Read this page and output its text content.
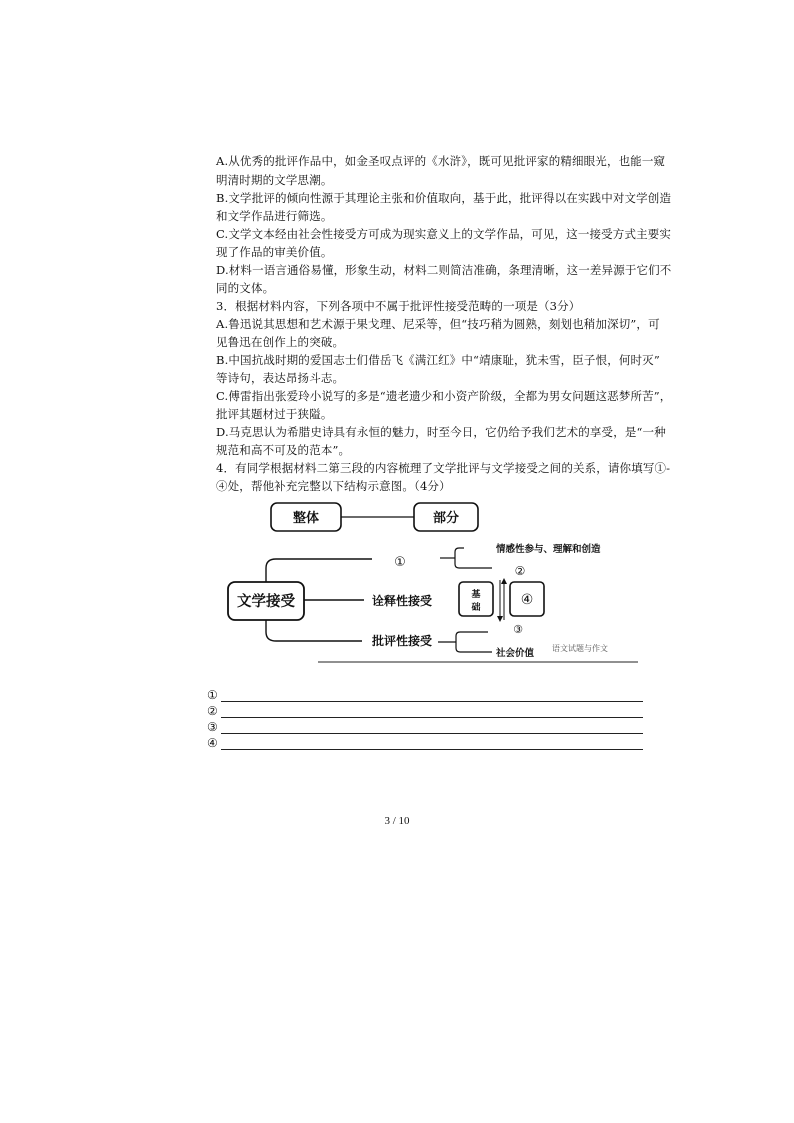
A.从优秀的批评作品中，如金圣叹点评的《水浒》，既可见批评家的精细眼光，也能一窥
明清时期的文学思潮。
B.文学批评的倾向性源于其理论主张和价值取向，基于此，批评得以在实践中对文学创造
和文学作品进行筛选。
C.文学文本经由社会性接受方可成为现实意义上的文学作品，可见，这一接受方式主要实
现了作品的审美价值。
D.材料一语言通俗易懂，形象生动，材料二则简洁准确，条理清晰，这一差异源于它们不
同的文体。
3．根据材料内容，下列各项中不属于批评性接受范畴的一项是（3分）
A.鲁迅说其思想和艺术源于果戈理、尼采等，但“技巧稍为圆熟，刻划也稍加深切”，可
见鲁迅在创作上的突破。
B.中国抗战时期的爱国志士们借岳飞《满江红》中“靖康耻，犹未雪，臣子恨，何时灭”
等诗句，表达昂扬斗志。
C.傅雷指出张爱玲小说写的多是“遗老遗少和小资产阶级，全都为男女问题这恶梦所苦”，
批评其题材过于狭隘。
D.马克思认为希腊史诗具有永恒的魅力，时至今日，它仍给予我们艺术的享受，是“一种
规范和高不可及的范本”。
4．有同学根据材料二第三段的内容梳理了文学批评与文学接受之间的关系，请你填写①-
④处，帮他补充完整以下结构示意图。（4分）
整体	部分
文学接受
①
诠释性接受
批评性接受
情感性参与、理解和创造
②
基
础	④
③
社会价值 语文试题与作文
①
②
③
④
3 / 10
